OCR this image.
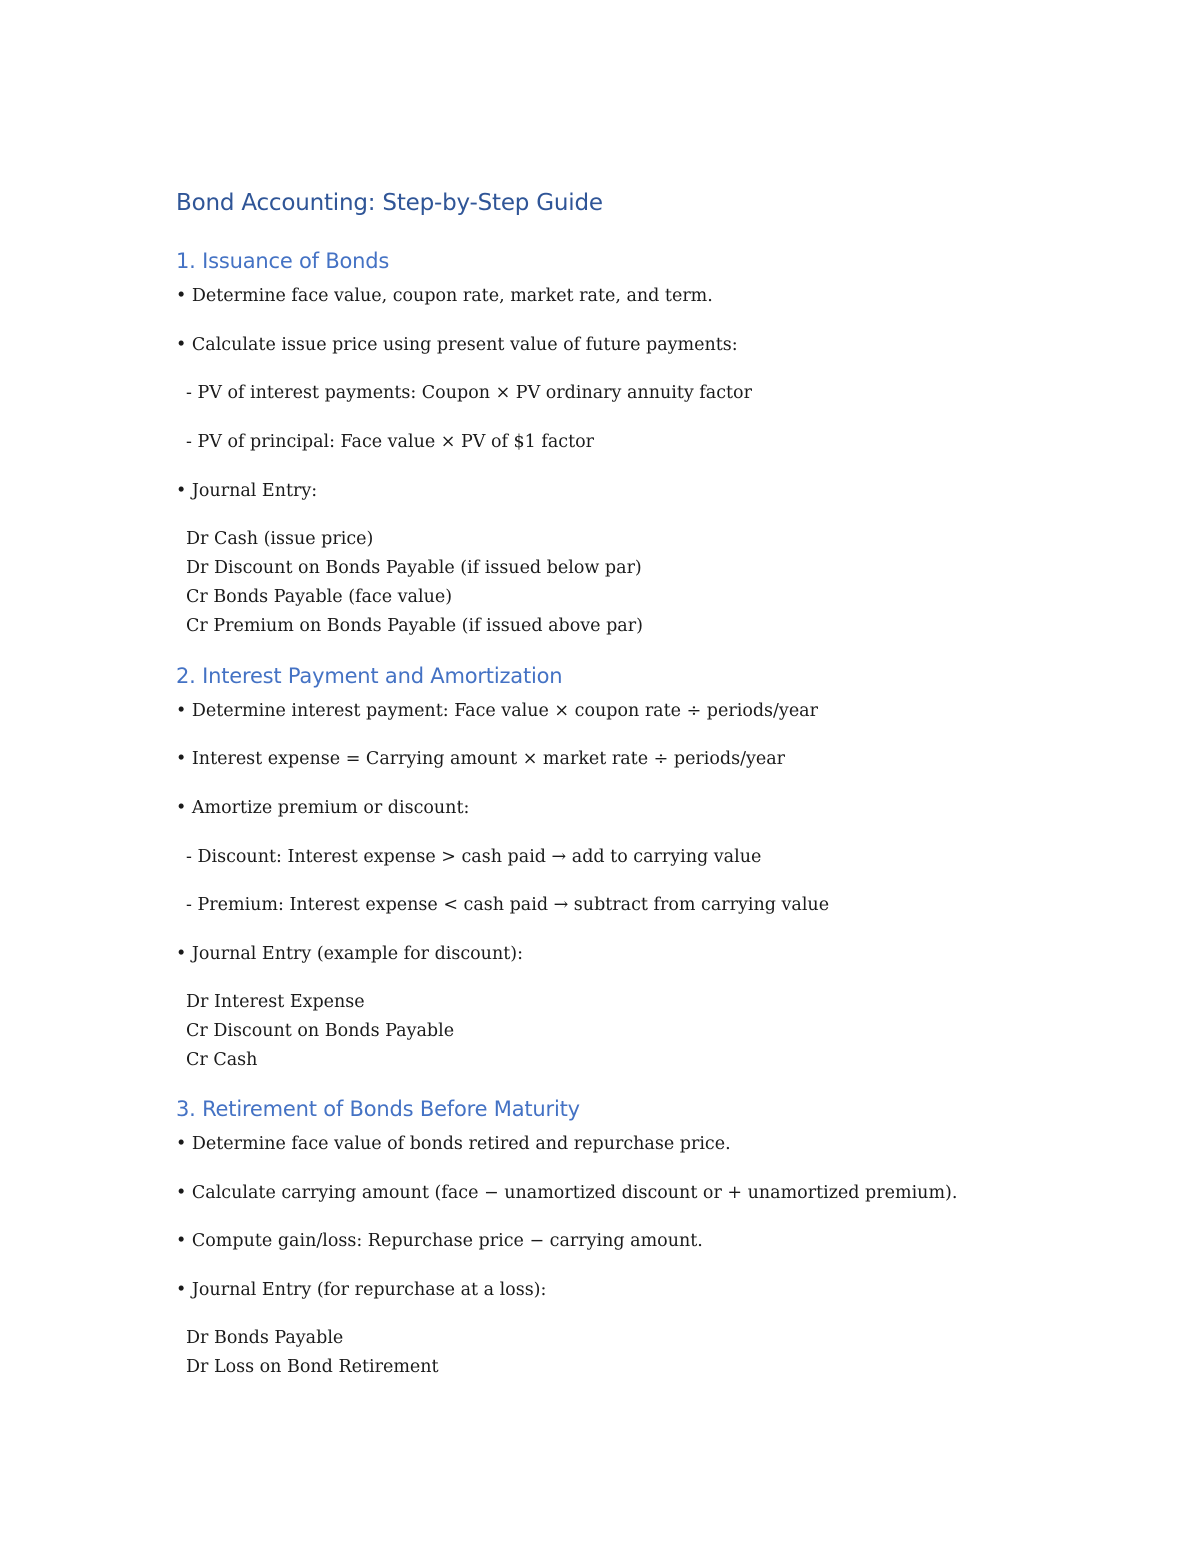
Bond Accounting: Step-by-Step Guide
1. Issuance of Bonds
• Determine face value, coupon rate, market rate, and term.
• Calculate issue price using present value of future payments:
- PV of interest payments: Coupon × PV ordinary annuity factor
- PV of principal: Face value × PV of $1 factor
• Journal Entry:
Dr Cash (issue price)
Dr Discount on Bonds Payable (if issued below par)
Cr Bonds Payable (face value)
Cr Premium on Bonds Payable (if issued above par)
2. Interest Payment and Amortization
• Determine interest payment: Face value × coupon rate ÷ periods/year
• Interest expense = Carrying amount × market rate ÷ periods/year
• Amortize premium or discount:
- Discount: Interest expense > cash paid → add to carrying value
- Premium: Interest expense < cash paid → subtract from carrying value
• Journal Entry (example for discount):
Dr Interest Expense
Cr Discount on Bonds Payable
Cr Cash
3. Retirement of Bonds Before Maturity
• Determine face value of bonds retired and repurchase price.
• Calculate carrying amount (face − unamortized discount or + unamortized premium).
• Compute gain/loss: Repurchase price − carrying amount.
• Journal Entry (for repurchase at a loss):
Dr Bonds Payable
Dr Loss on Bond Retirement
